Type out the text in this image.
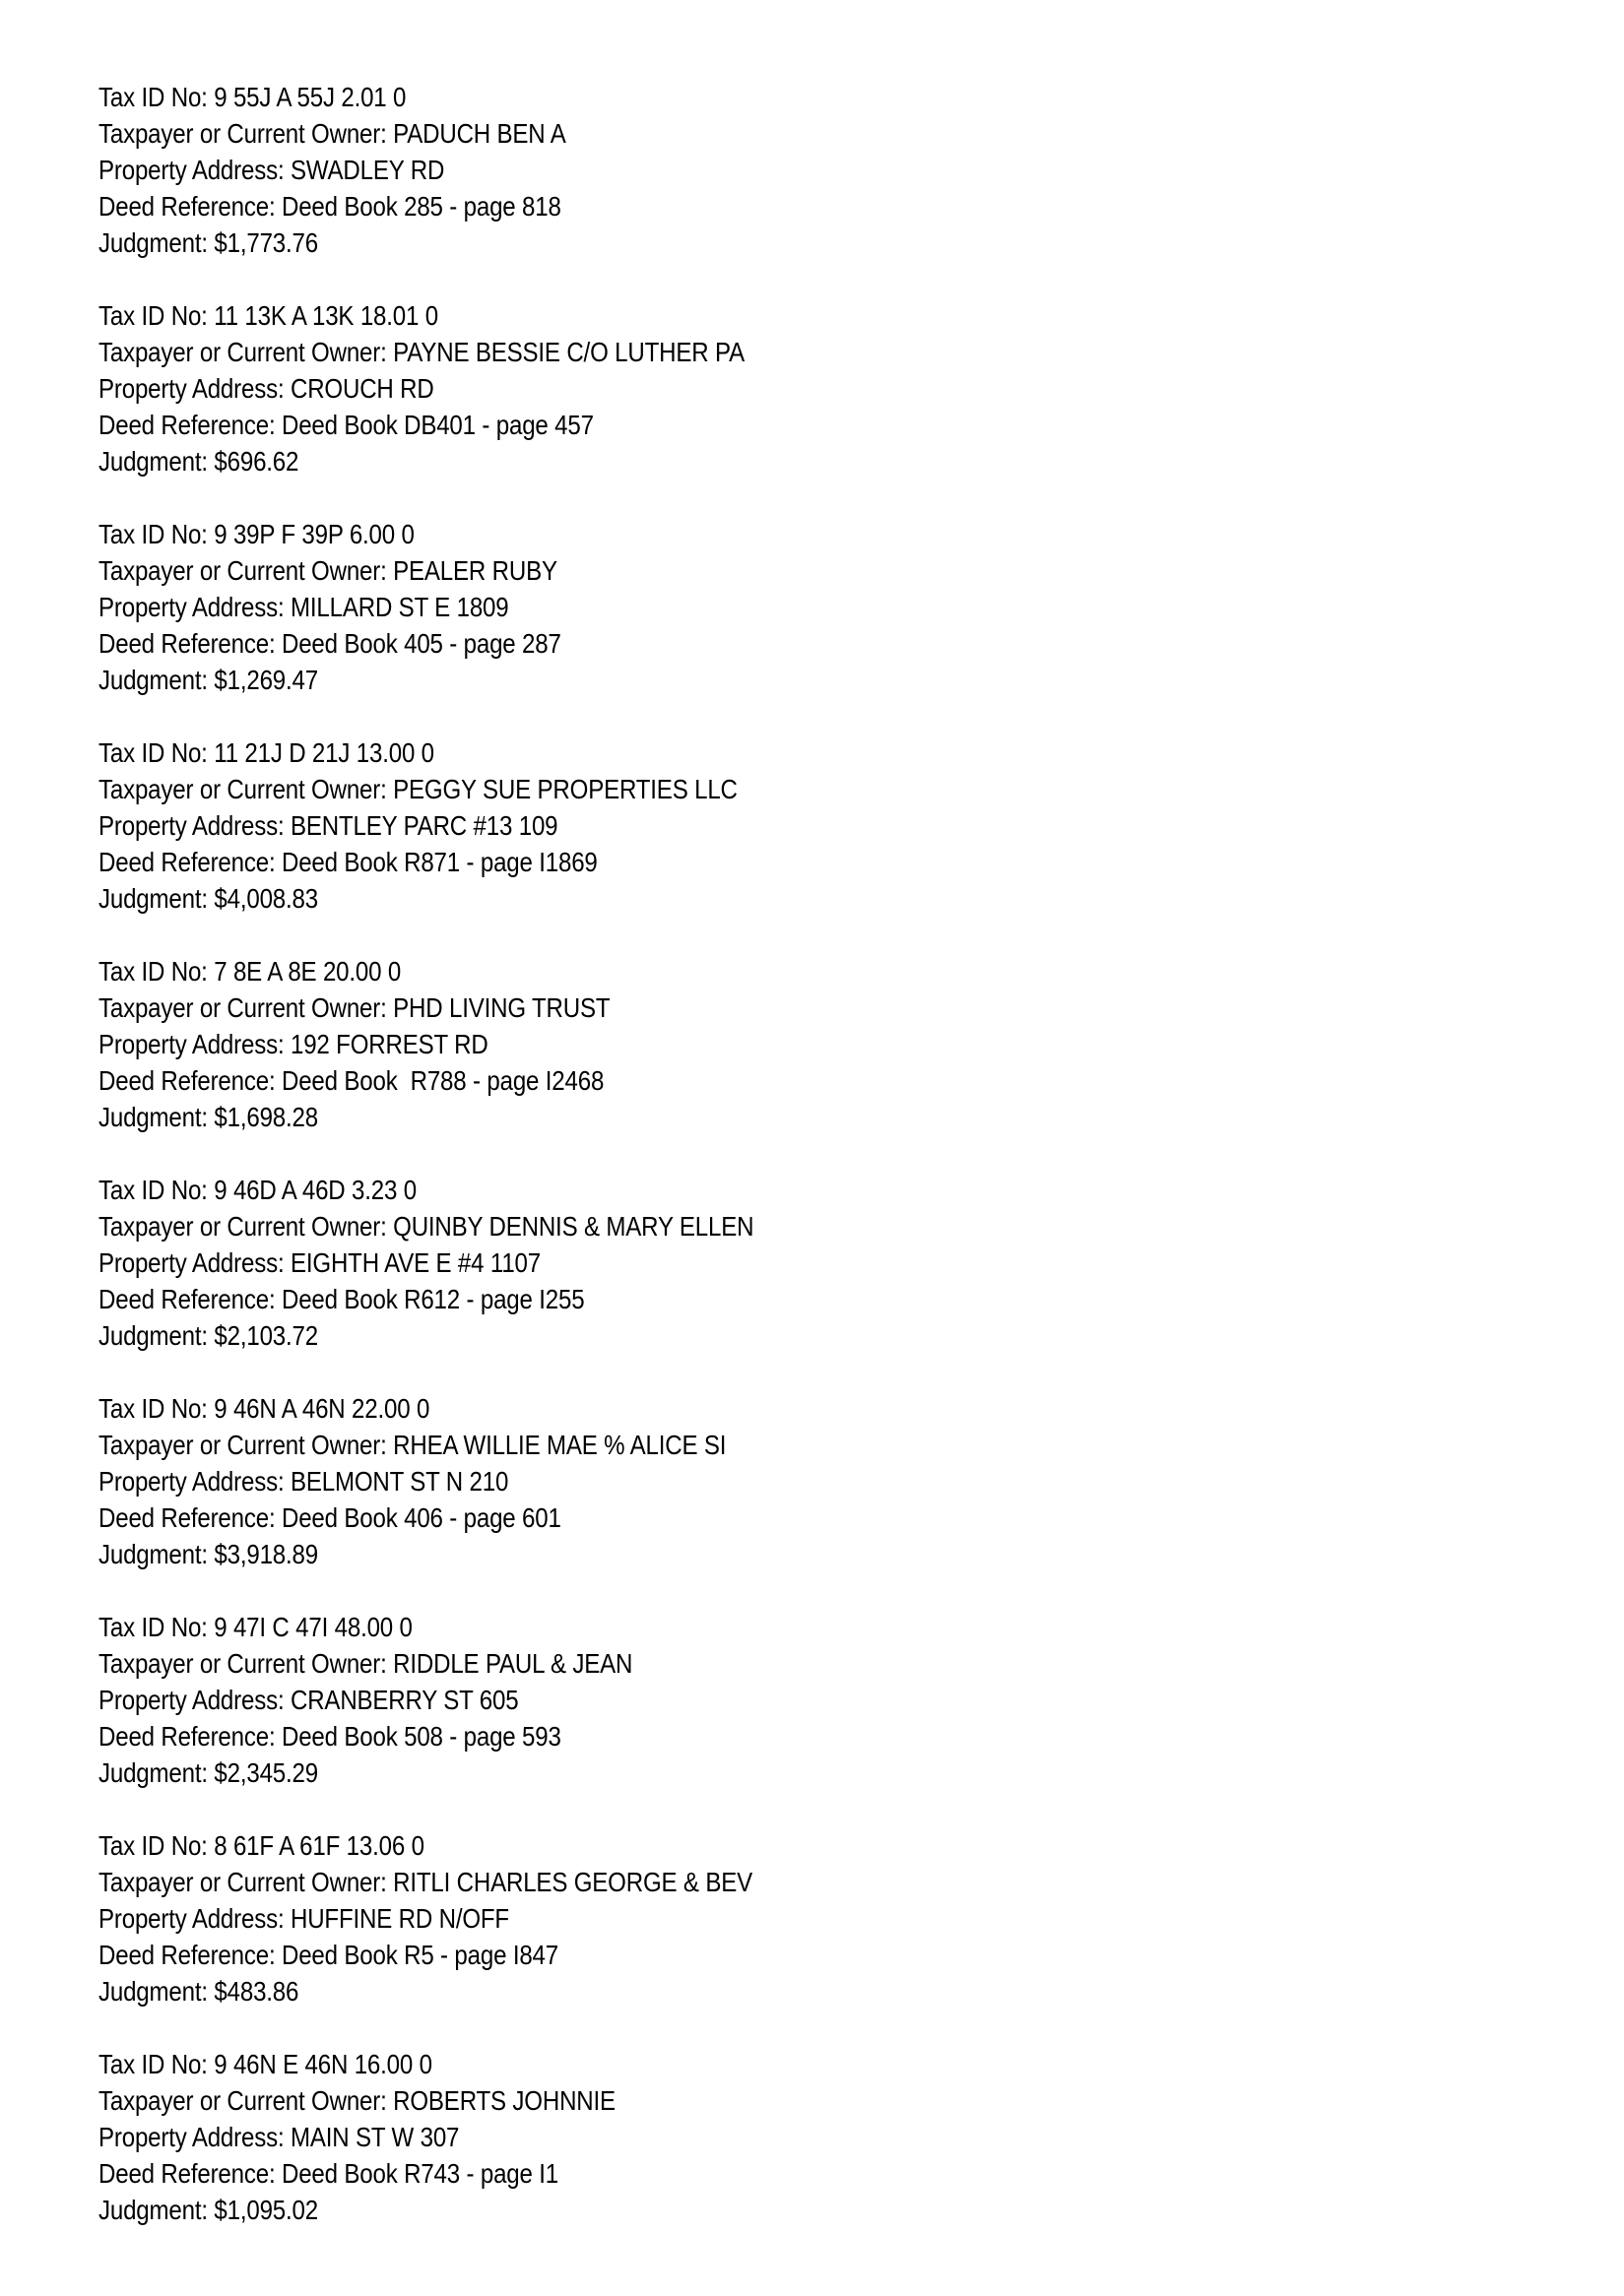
Tax ID No: 9 55J A 55J 2.01 0
Taxpayer or Current Owner: PADUCH BEN A
Property Address: SWADLEY RD
Deed Reference: Deed Book 285 - page 818
Judgment: $1,773.76
Tax ID No: 11 13K A 13K 18.01 0
Taxpayer or Current Owner: PAYNE BESSIE C/O LUTHER PA
Property Address: CROUCH RD
Deed Reference: Deed Book DB401 - page 457
Judgment: $696.62
Tax ID No: 9 39P F 39P 6.00 0
Taxpayer or Current Owner: PEALER RUBY
Property Address: MILLARD ST E 1809
Deed Reference: Deed Book 405 - page 287
Judgment: $1,269.47
Tax ID No: 11 21J D 21J 13.00 0
Taxpayer or Current Owner: PEGGY SUE PROPERTIES LLC
Property Address: BENTLEY PARC #13 109
Deed Reference: Deed Book R871 - page I1869
Judgment: $4,008.83
Tax ID No: 7 8E A 8E 20.00 0
Taxpayer or Current Owner: PHD LIVING TRUST
Property Address: 192 FORREST RD
Deed Reference: Deed Book  R788 - page I2468
Judgment: $1,698.28
Tax ID No: 9 46D A 46D 3.23 0
Taxpayer or Current Owner: QUINBY DENNIS & MARY ELLEN
Property Address: EIGHTH AVE E #4 1107
Deed Reference: Deed Book R612 - page I255
Judgment: $2,103.72
Tax ID No: 9 46N A 46N 22.00 0
Taxpayer or Current Owner: RHEA WILLIE MAE % ALICE SI
Property Address: BELMONT ST N 210
Deed Reference: Deed Book 406 - page 601
Judgment: $3,918.89
Tax ID No: 9 47I C 47I 48.00 0
Taxpayer or Current Owner: RIDDLE PAUL & JEAN
Property Address: CRANBERRY ST 605
Deed Reference: Deed Book 508 - page 593
Judgment: $2,345.29
Tax ID No: 8 61F A 61F 13.06 0
Taxpayer or Current Owner: RITLI CHARLES GEORGE & BEV
Property Address: HUFFINE RD N/OFF
Deed Reference: Deed Book R5 - page I847
Judgment: $483.86
Tax ID No: 9 46N E 46N 16.00 0
Taxpayer or Current Owner: ROBERTS JOHNNIE
Property Address: MAIN ST W 307
Deed Reference: Deed Book R743 - page I1
Judgment: $1,095.02
